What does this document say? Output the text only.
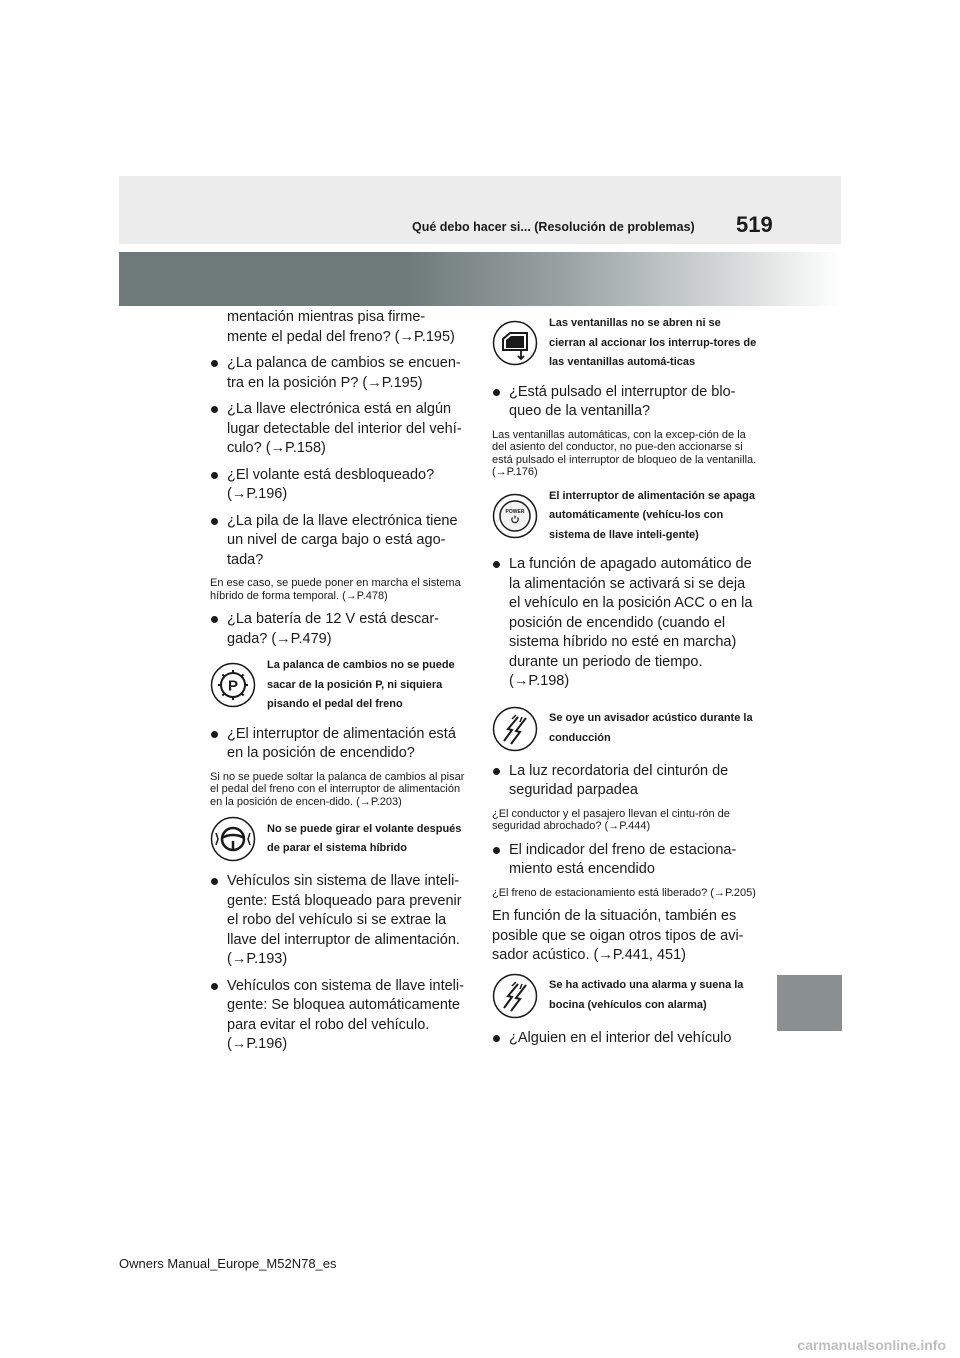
Qué debo hacer si... (Resolución de problemas) 519

mentación mientras pisa firme-mente el pedal del freno? (→P.195)

¿La palanca de cambios se encuen-tra en la posición P? (→P.195)
¿La llave electrónica está en algún lugar detectable del interior del vehí-culo? (→P.158)
¿El volante está desbloqueado? (→P.196)
¿La pila de la llave electrónica tiene un nivel de carga bajo o está ago-tada?

En ese caso, se puede poner en marcha el sistema híbrido de forma temporal. (→P.478)

¿La batería de 12 V está descar-gada? (→P.479)
P
La palanca de cambios no se puede sacar de la posición P, ni siquiera pisando el pedal del freno
¿El interruptor de alimentación está en la posición de encendido?

Si no se puede soltar la palanca de cambios al pisar el pedal del freno con el interruptor de alimentación en la posición de encen-dido. (→P.203)

No se puede girar el volante después de parar el sistema híbrido
Vehículos sin sistema de llave inteli-gente: Está bloqueado para prevenir el robo del vehículo si se extrae la llave del interruptor de alimentación. (→P.193)
Vehículos con sistema de llave inteli-gente: Se bloquea automáticamente para evitar el robo del vehículo. (→P.196)
Las ventanillas no se abren ni se cierran al accionar los interrup-tores de las ventanillas automá-ticas
¿Está pulsado el interruptor de blo-queo de la ventanilla?

Las ventanillas automáticas, con la excep-ción de la del asiento del conductor, no pue-den accionarse si está pulsado el interruptor de bloqueo de la ventanilla. (→P.176)

POWER
El interruptor de alimentación se apaga automáticamente (vehícu-los con sistema de llave inteli-gente)
La función de apagado automático de la alimentación se activará si se deja el vehículo en la posición ACC o en la posición de encendido (cuando el sistema híbrido no esté en marcha) durante un periodo de tiempo. (→P.198)
Se oye un avisador acústico durante la conducción
La luz recordatoria del cinturón de seguridad parpadea

¿El conductor y el pasajero llevan el cintu-rón de seguridad abrochado? (→P.444)

El indicador del freno de estaciona-miento está encendido

¿El freno de estacionamiento está liberado? (→P.205)

En función de la situación, también es posible que se oigan otros tipos de avi-sador acústico. (→P.441, 451)

Se ha activado una alarma y suena la bocina (vehículos con alarma)
¿Alguien en el interior del vehículo
Owners Manual_Europe_M52N78_es
carmanualsonline.info
